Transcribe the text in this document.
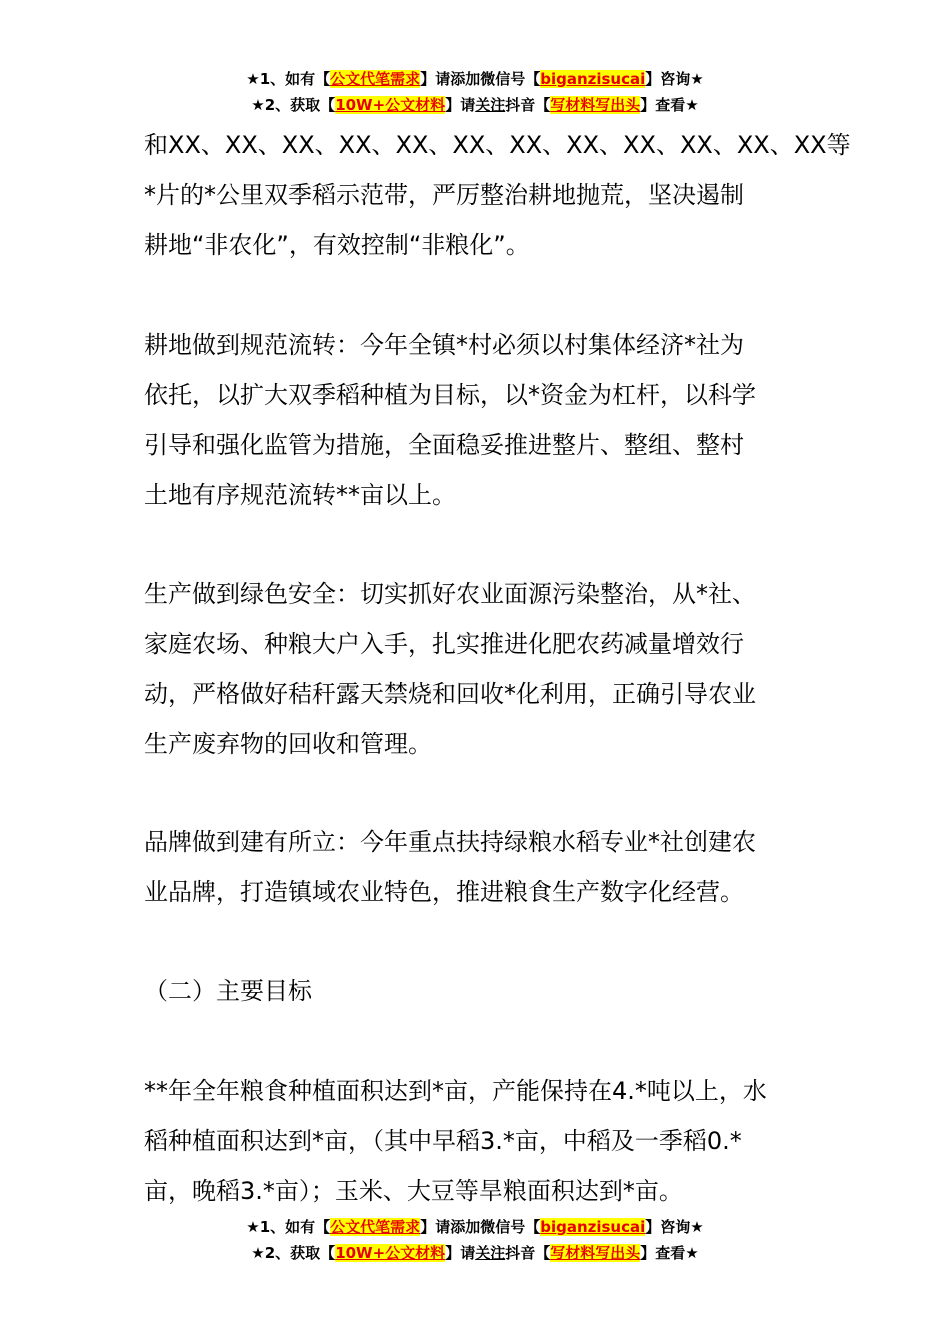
★1、如有【公文代笔需求】请添加微信号【biganzisucai】咨询★
★2、获取【10W+公文材料】请关注抖音【写材料写出头】查看★
和XX、XX、XX、XX、XX、XX、XX、XX、XX、XX、XX、XX等
*片的*公里双季稻示范带，严厉整治耕地抛荒，坚决遏制
耕地“非农化”，有效控制“非粮化”。
耕地做到规范流转：今年全镇*村必须以村集体经济*社为
依托，以扩大双季稻种植为目标，以*资金为杠杆，以科学
引导和强化监管为措施，全面稳妥推进整片、整组、整村
土地有序规范流转**亩以上。
生产做到绿色安全：切实抓好农业面源污染整治，从*社、
家庭农场、种粮大户入手，扎实推进化肥农药减量增效行
动，严格做好秸秆露天禁烧和回收*化利用，正确引导农业
生产废弃物的回收和管理。
品牌做到建有所立：今年重点扶持绿粮水稻专业*社创建农
业品牌，打造镇域农业特色，推进粮食生产数字化经营。
（二）主要目标
**年全年粮食种植面积达到*亩，产能保持在4.*吨以上，水
稻种植面积达到*亩，（其中早稻3.*亩，中稻及一季稻0.*
亩，晚稻3.*亩）；玉米、大豆等旱粮面积达到*亩。
★1、如有【公文代笔需求】请添加微信号【biganzisucai】咨询★
★2、获取【10W+公文材料】请关注抖音【写材料写出头】查看★
